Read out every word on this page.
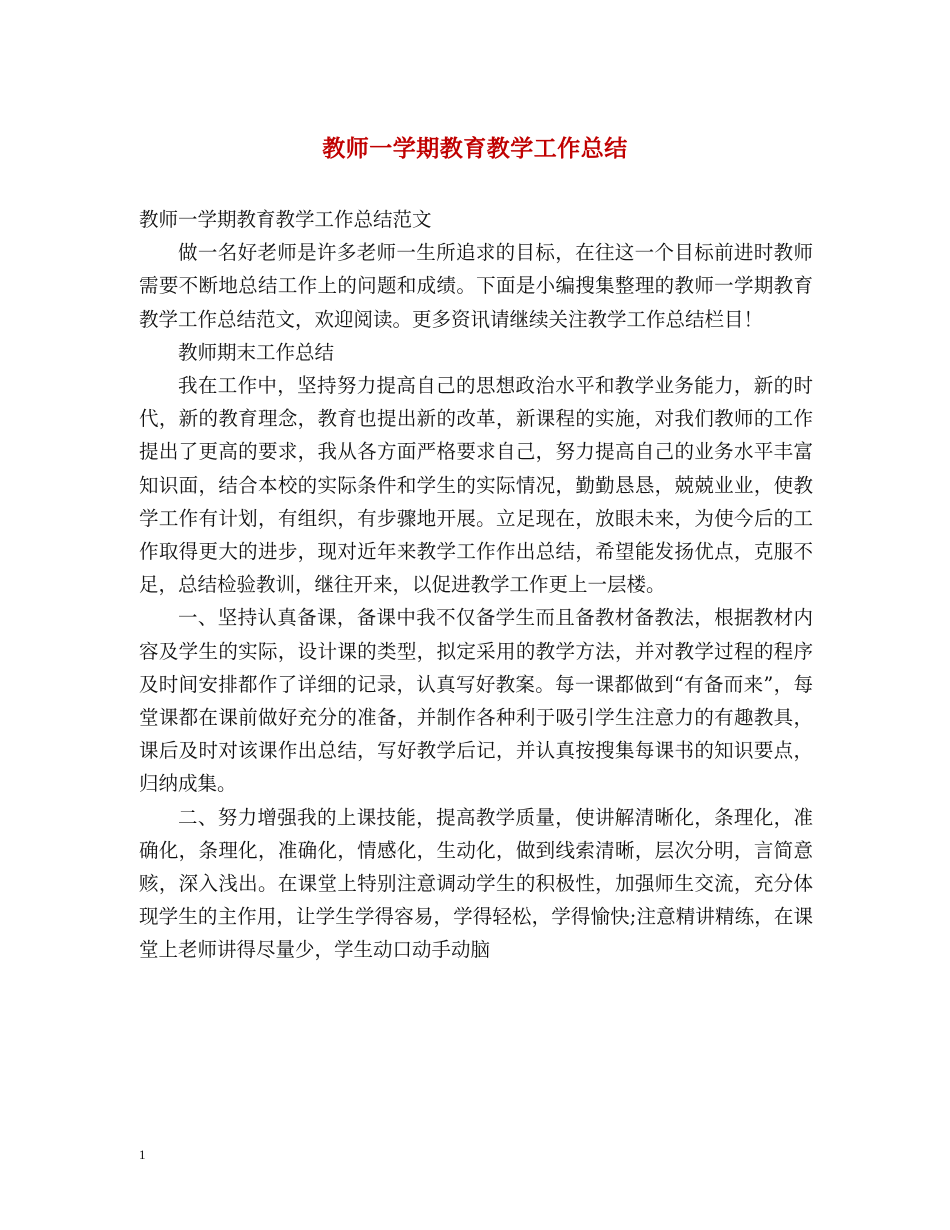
教师一学期教育教学工作总结

教师一学期教育教学工作总结范文

做一名好老师是许多老师一生所追求的目标，在往这一个目标前进时教师需要不断地总结工作上的问题和成绩。下面是小编搜集整理的教师一学期教育教学工作总结范文，欢迎阅读。更多资讯请继续关注教学工作总结栏目！

教师期末工作总结

我在工作中，坚持努力提高自己的思想政治水平和教学业务能力，新的时代，新的教育理念，教育也提出新的改革，新课程的实施，对我们教师的工作提出了更高的要求，我从各方面严格要求自己，努力提高自己的业务水平丰富知识面，结合本校的实际条件和学生的实际情况，勤勤恳恳，兢兢业业，使教学工作有计划，有组织，有步骤地开展。立足现在，放眼未来，为使今后的工作取得更大的进步，现对近年来教学工作作出总结，希望能发扬优点，克服不足，总结检验教训，继往开来，以促进教学工作更上一层楼。

一、坚持认真备课，备课中我不仅备学生而且备教材备教法，根据教材内容及学生的实际，设计课的类型，拟定采用的教学方法，并对教学过程的程序及时间安排都作了详细的记录，认真写好教案。每一课都做到“有备而来”，每堂课都在课前做好充分的准备，并制作各种利于吸引学生注意力的有趣教具，课后及时对该课作出总结，写好教学后记，并认真按搜集每课书的知识要点，归纳成集。

二、努力增强我的上课技能，提高教学质量，使讲解清晰化，条理化，准确化，条理化，准确化，情感化，生动化，做到线索清晰，层次分明，言简意赅，深入浅出。在课堂上特别注意调动学生的积极性，加强师生交流，充分体现学生的主作用，让学生学得容易，学得轻松，学得愉快;注意精讲精练，在课堂上老师讲得尽量少，学生动口动手动脑

1
